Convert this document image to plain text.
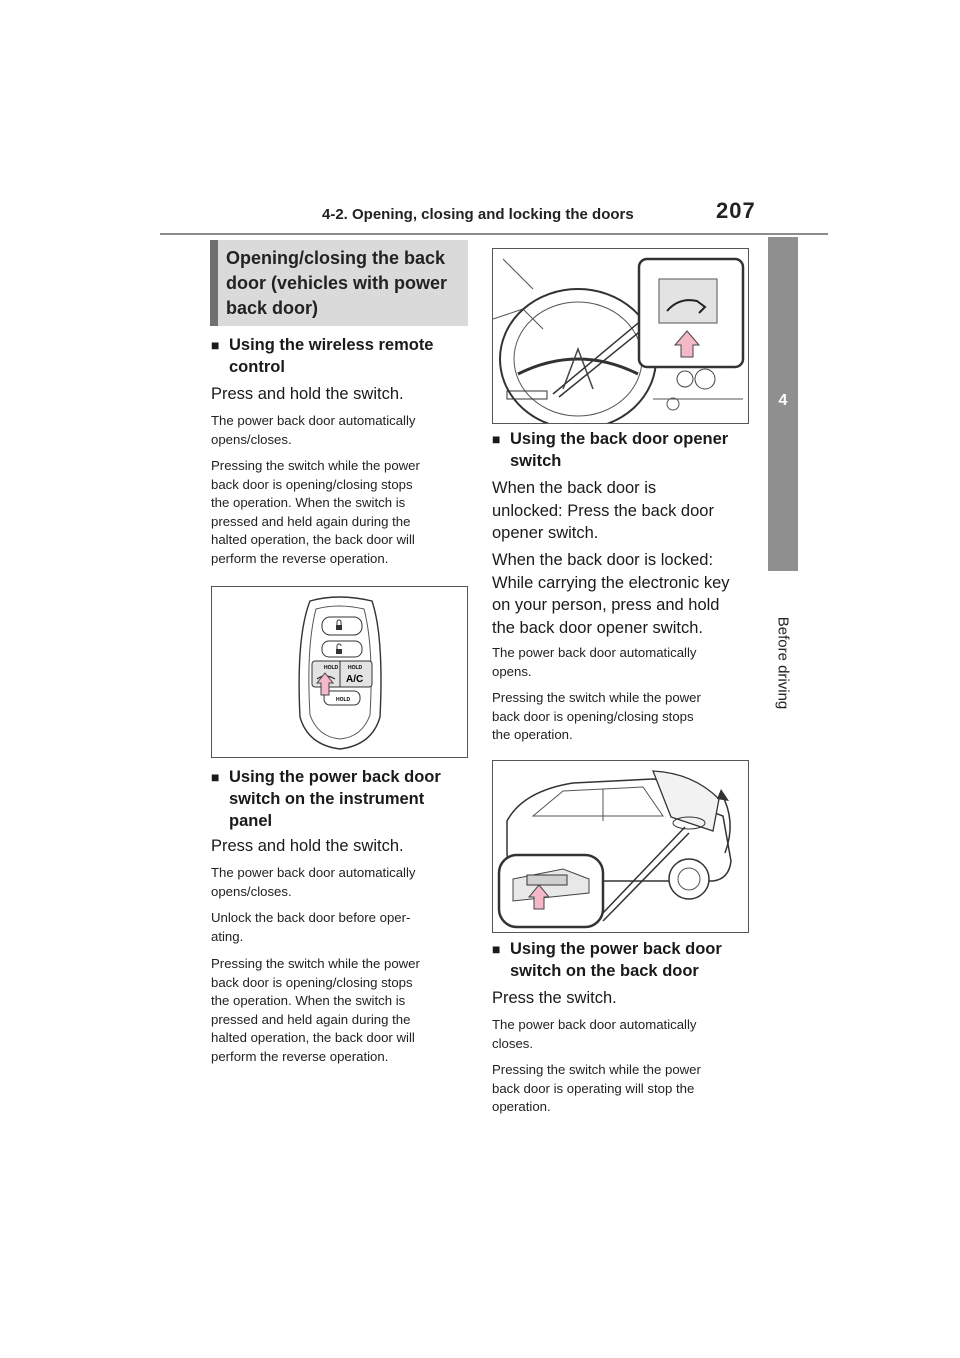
4-2. Opening, closing and locking the doors	207
4
Before driving
Opening/closing the back
door (vehicles with power
back door)
■ Using the wireless remote
control
Press and hold the switch.
The power back door automatically
opens/closes.
Pressing the switch while the power
back door is opening/closing stops
the operation. When the switch is
pressed and held again during the
halted operation, the back door will
perform the reverse operation.
HOLD HOLD
A/C
HOLD
■ Using the power back door
switch on the instrument
panel
Press and hold the switch.
The power back door automatically
opens/closes.
Unlock the back door before oper-
ating.
Pressing the switch while the power
back door is opening/closing stops
the operation. When the switch is
pressed and held again during the
halted operation, the back door will
perform the reverse operation.
■ Using the back door opener
switch
When the back door is
unlocked: Press the back door
opener switch.
When the back door is locked:
While carrying the electronic key
on your person, press and hold
the back door opener switch.
The power back door automatically
opens.
Pressing the switch while the power
back door is opening/closing stops
the operation.
■ Using the power back door
switch on the back door
Press the switch.
The power back door automatically
closes.
Pressing the switch while the power
back door is operating will stop the
operation.
